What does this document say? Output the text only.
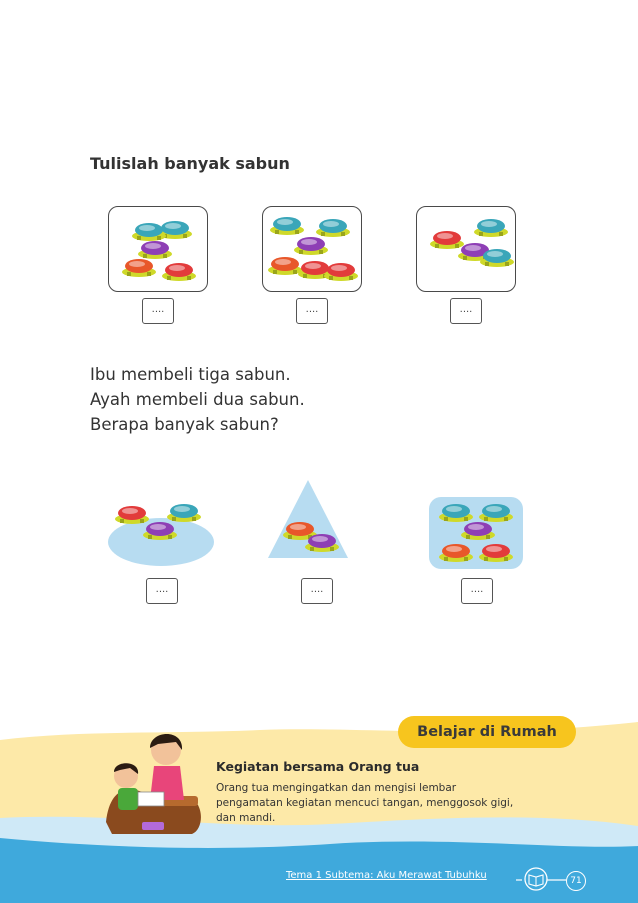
Tulislah banyak sabun
....	....	....
Ibu membeli tiga sabun.
Ayah membeli dua sabun.
Berapa banyak sabun?
....	....	....
Belajar di Rumah
Kegiatan bersama Orang tua
Orang tua mengingatkan dan mengisi lembar
pengamatan kegiatan mencuci tangan, menggosok gigi,
dan mandi.
Tema 1 Subtema: Aku Merawat Tubuhku	71
